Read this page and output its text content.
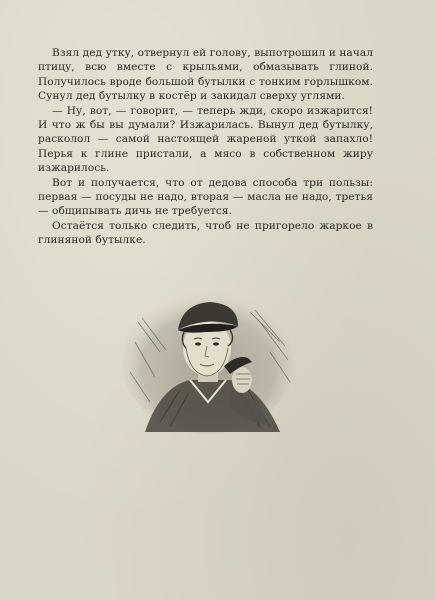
Взял дед утку, отвернул ей голову, выпотрошил и начал птицу, всю вместе с крыльями, обмазывать глиной. Получилось вроде большой бутылки с тонким горлышком. Сунул дед бутылку в костёр и закидал сверху углями.

— Ну, вот, — говорит, — теперь жди, скоро изжарится! И что ж бы вы думали? Изжарилась. Вынул дед бутылку, расколол — самой настоящей жареной уткой запахло! Перья к глине пристали, а мясо в собственном жиру изжарилось.

Вот и получается, что от дедова способа три пользы: первая — посуды не надо, вторая — масла не надо, третья — общипывать дичь не требуется.

Остаётся только следить, чтоб не пригорело жаркое в глиняной бутылке.
